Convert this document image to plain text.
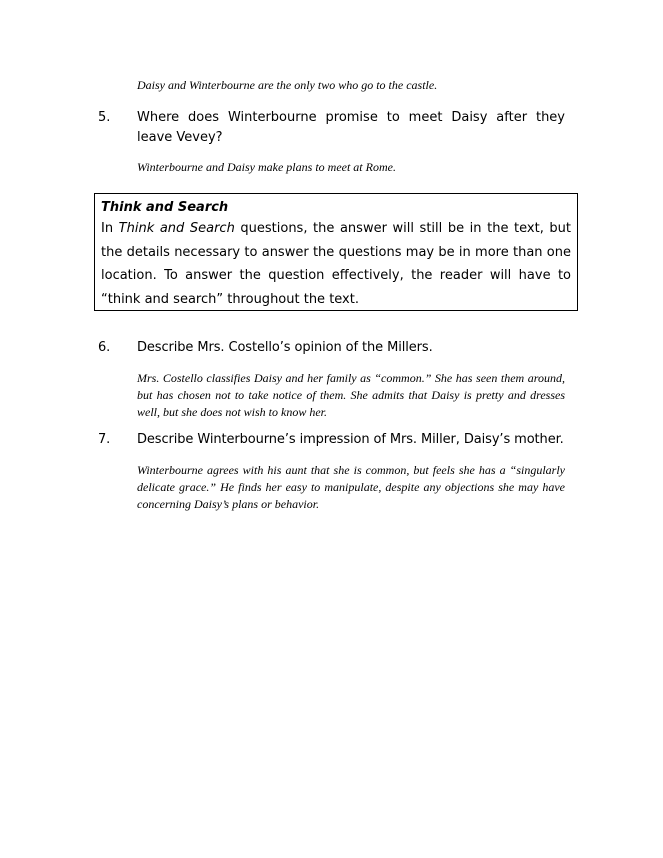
Daisy and Winterbourne are the only two who go to the castle.
5. Where does Winterbourne promise to meet Daisy after they leave Vevey?
Winterbourne and Daisy make plans to meet at Rome.
Think and Search
In Think and Search questions, the answer will still be in the text, but the details necessary to answer the questions may be in more than one location. To answer the question effectively, the reader will have to “think and search” throughout the text.
6. Describe Mrs. Costello’s opinion of the Millers.
Mrs. Costello classifies Daisy and her family as “common.” She has seen them around, but has chosen not to take notice of them. She admits that Daisy is pretty and dresses well, but she does not wish to know her.
7. Describe Winterbourne’s impression of Mrs. Miller, Daisy’s mother.
Winterbourne agrees with his aunt that she is common, but feels she has a “singularly delicate grace.” He finds her easy to manipulate, despite any objections she may have concerning Daisy’s plans or behavior.
